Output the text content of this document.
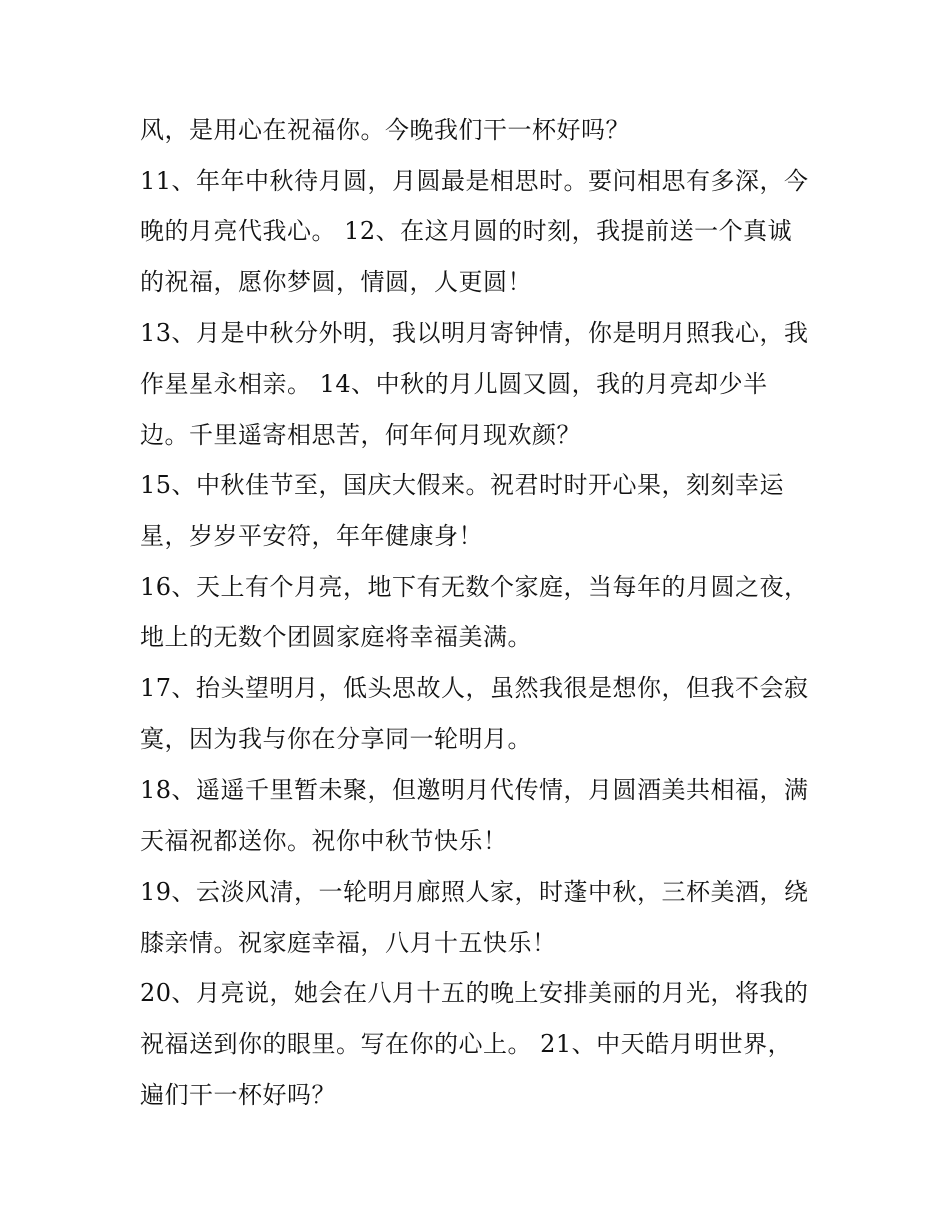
风，是用心在祝福你。今晚我们干一杯好吗？
11、年年中秋待月圆，月圆最是相思时。要问相思有多深，今
晚的月亮代我心。 12、在这月圆的时刻，我提前送一个真诚
的祝福，愿你梦圆，情圆，人更圆！
13、月是中秋分外明，我以明月寄钟情，你是明月照我心，我
作星星永相亲。 14、中秋的月儿圆又圆，我的月亮却少半
边。千里遥寄相思苦，何年何月现欢颜？
15、中秋佳节至，国庆大假来。祝君时时开心果，刻刻幸运
星，岁岁平安符，年年健康身！
16、天上有个月亮，地下有无数个家庭，当每年的月圆之夜，
地上的无数个团圆家庭将幸福美满。
17、抬头望明月，低头思故人，虽然我很是想你，但我不会寂
寞，因为我与你在分享同一轮明月。
18、遥遥千里暂未聚，但邀明月代传情，月圆酒美共相福，满
天福祝都送你。祝你中秋节快乐！
19、云淡风清，一轮明月廊照人家，时蓬中秋，三杯美酒，绕
膝亲情。祝家庭幸福，八月十五快乐！
20、月亮说，她会在八月十五的晚上安排美丽的月光，将我的
祝福送到你的眼里。写在你的心上。 21、中天皓月明世界，
遍们干一杯好吗？
